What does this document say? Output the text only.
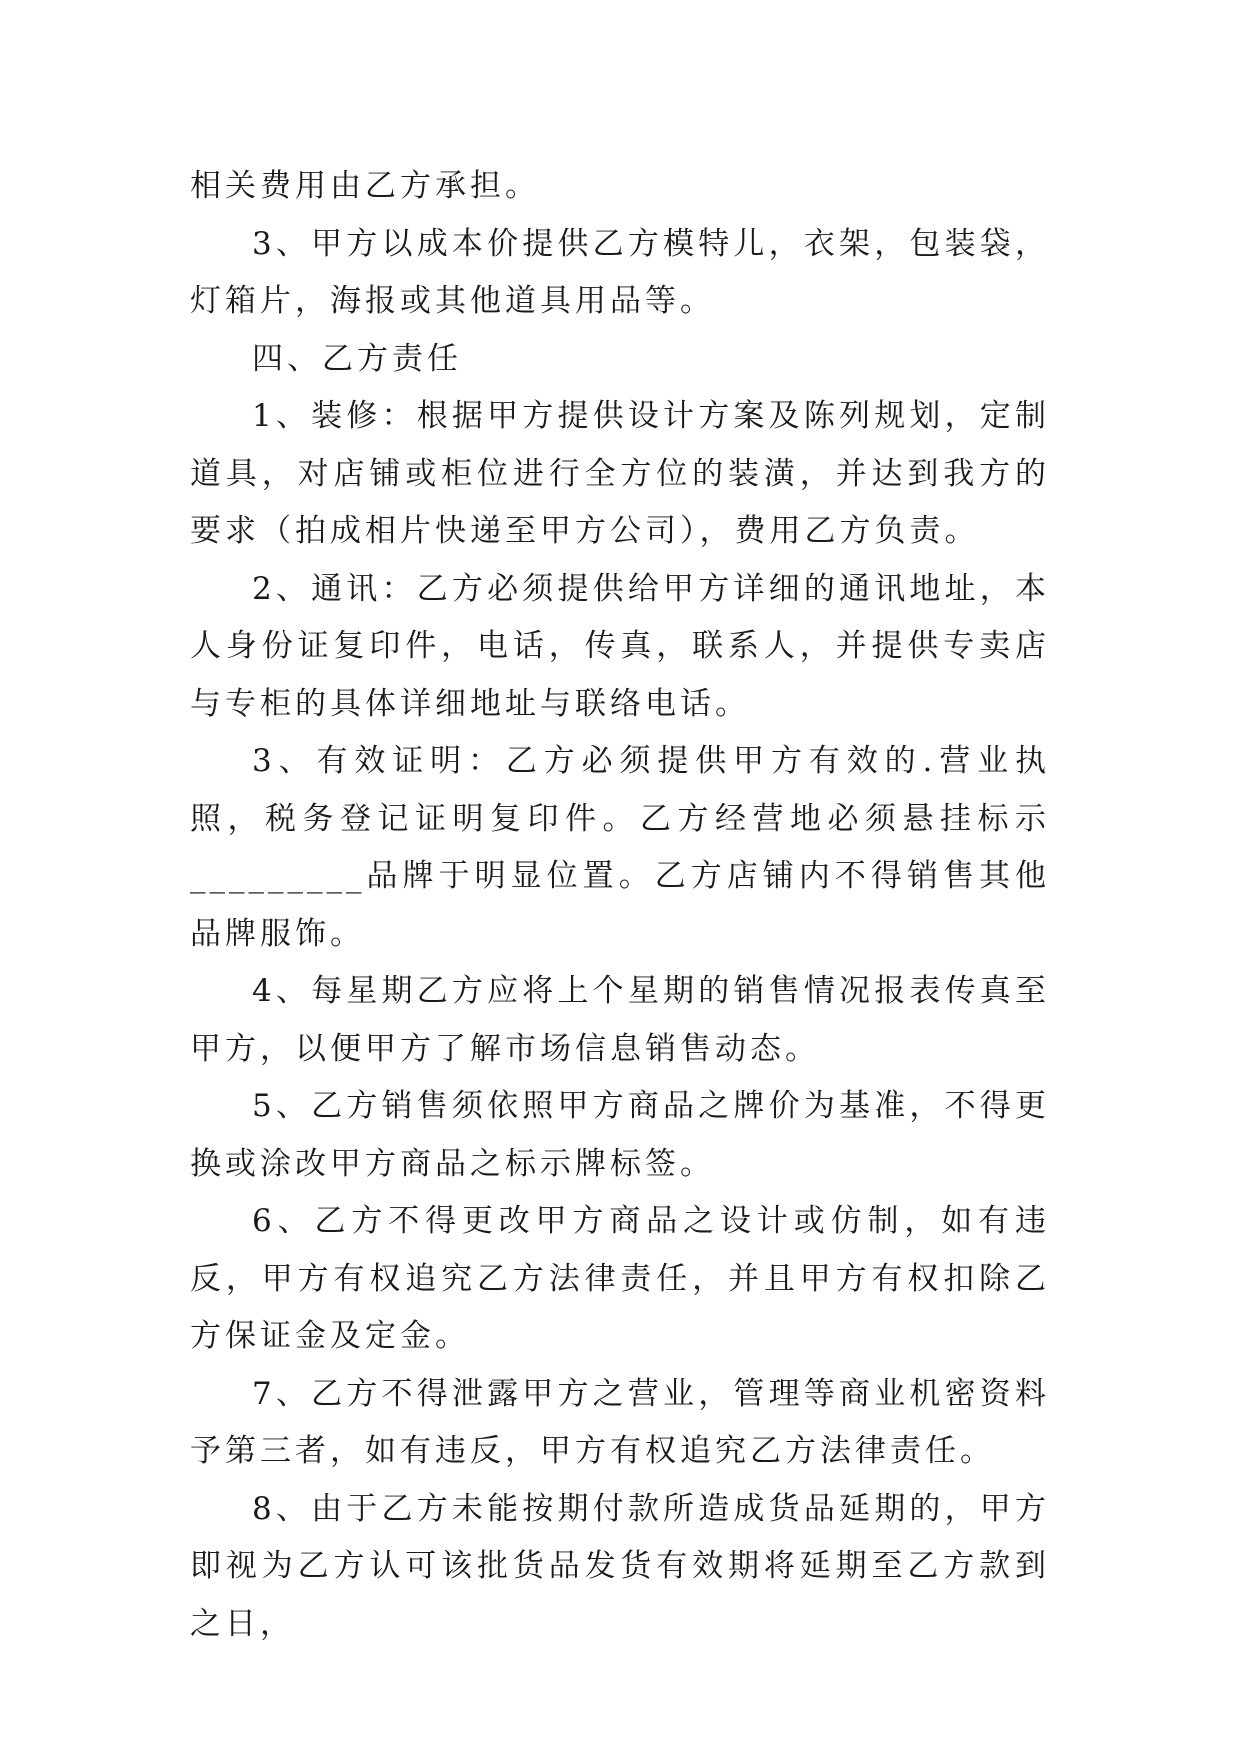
相关费用由乙方承担。

3、甲方以成本价提供乙方模特儿，衣架，包装袋，灯箱片，海报或其他道具用品等。

四、乙方责任

1、装修：根据甲方提供设计方案及陈列规划，定制道具，对店铺或柜位进行全方位的装潢，并达到我方的要求（拍成相片快递至甲方公司），费用乙方负责。

2、通讯：乙方必须提供给甲方详细的通讯地址，本人身份证复印件，电话，传真，联系人，并提供专卖店与专柜的具体详细地址与联络电话。

3、有效证明：乙方必须提供甲方有效的.营业执照，税务登记证明复印件。乙方经营地必须悬挂标示_________品牌于明显位置。乙方店铺内不得销售其他品牌服饰。

4、每星期乙方应将上个星期的销售情况报表传真至甲方，以便甲方了解市场信息销售动态。

5、乙方销售须依照甲方商品之牌价为基准，不得更换或涂改甲方商品之标示牌标签。

6、乙方不得更改甲方商品之设计或仿制，如有违反，甲方有权追究乙方法律责任，并且甲方有权扣除乙方保证金及定金。

7、乙方不得泄露甲方之营业，管理等商业机密资料予第三者，如有违反，甲方有权追究乙方法律责任。

8、由于乙方未能按期付款所造成货品延期的，甲方即视为乙方认可该批货品发货有效期将延期至乙方款到之日，
